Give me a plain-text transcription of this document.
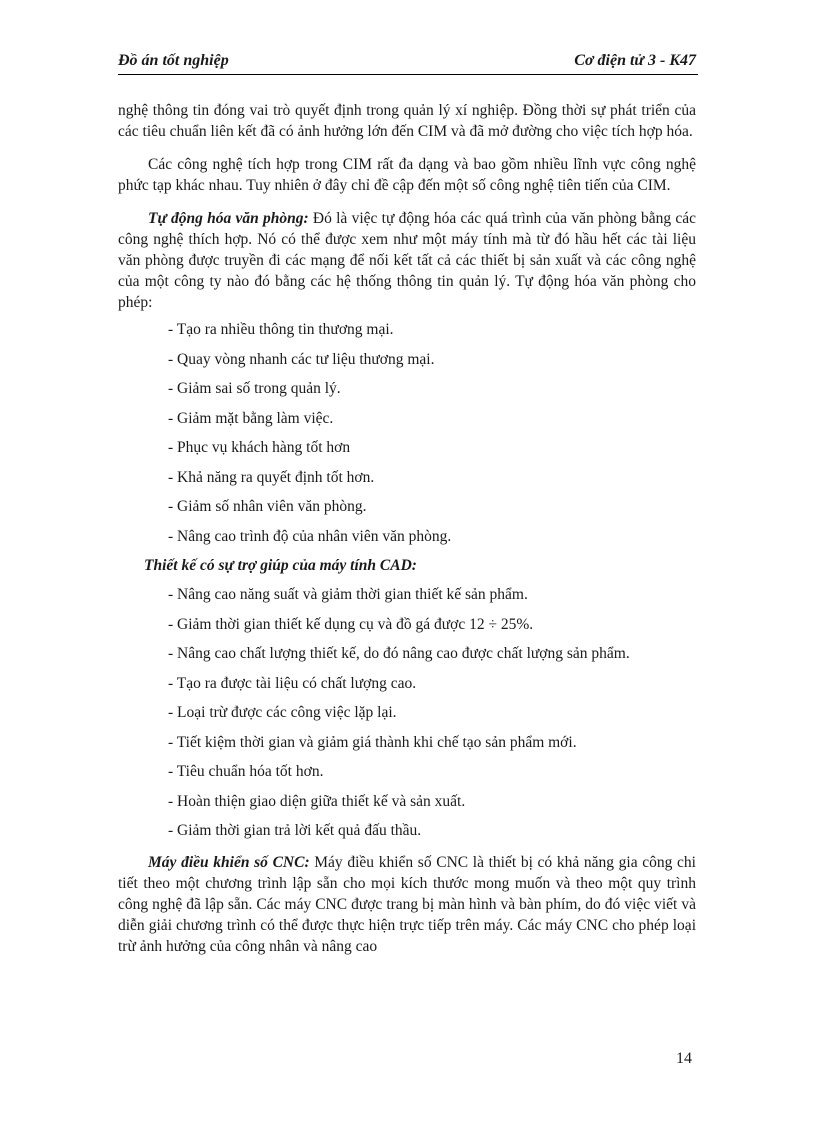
Đồ án tốt nghiệp	Cơ điện tử 3 - K47

nghệ thông tin đóng vai trò quyết định trong quản lý xí nghiệp. Đồng thời sự phát triển của các tiêu chuẩn liên kết đã có ảnh hưởng lớn đến CIM và đã mở đường cho việc tích hợp hóa.

Các công nghệ tích hợp trong CIM rất đa dạng và bao gồm nhiều lĩnh vực công nghệ phức tạp khác nhau. Tuy nhiên ở đây chỉ đề cập đến một số công nghệ tiên tiến của CIM.

Tự động hóa văn phòng: Đó là việc tự động hóa các quá trình của văn phòng bằng các công nghệ thích hợp. Nó có thể được xem như một máy tính mà từ đó hầu hết các tài liệu văn phòng được truyền đi các mạng để nối kết tất cả các thiết bị sản xuất và các công nghệ của một công ty nào đó bằng các hệ thống thông tin quản lý. Tự động hóa văn phòng cho phép:

- Tạo ra nhiều thông tin thương mại.
- Quay vòng nhanh các tư liệu thương mại.
- Giảm sai số trong quản lý.
- Giảm mặt bằng làm việc.
- Phục vụ khách hàng tốt hơn
- Khả năng ra quyết định tốt hơn.
- Giảm số nhân viên văn phòng.
- Nâng cao trình độ của nhân viên văn phòng.
Thiết kế có sự trợ giúp của máy tính CAD:
- Nâng cao năng suất và giảm thời gian thiết kế sản phẩm.
- Giảm thời gian thiết kế dụng cụ và đồ gá được 12 ÷ 25%.
- Nâng cao chất lượng thiết kế, do đó nâng cao được chất lượng sản phẩm.
- Tạo ra được tài liệu có chất lượng cao.
- Loại trừ được các công việc lặp lại.
- Tiết kiệm thời gian và giảm giá thành khi chế tạo sản phẩm mới.
- Tiêu chuẩn hóa tốt hơn.
- Hoàn thiện giao diện giữa thiết kế và sản xuất.
- Giảm thời gian trả lời kết quả đấu thầu.

Máy điều khiển số CNC: Máy điều khiển số CNC là thiết bị có khả năng gia công chi tiết theo một chương trình lập sẵn cho mọi kích thước mong muốn và theo một quy trình công nghệ đã lập sẵn. Các máy CNC được trang bị màn hình và bàn phím, do đó việc viết và diễn giải chương trình có thể được thực hiện trực tiếp trên máy. Các máy CNC cho phép loại trừ ảnh hưởng của công nhân và nâng cao

14
